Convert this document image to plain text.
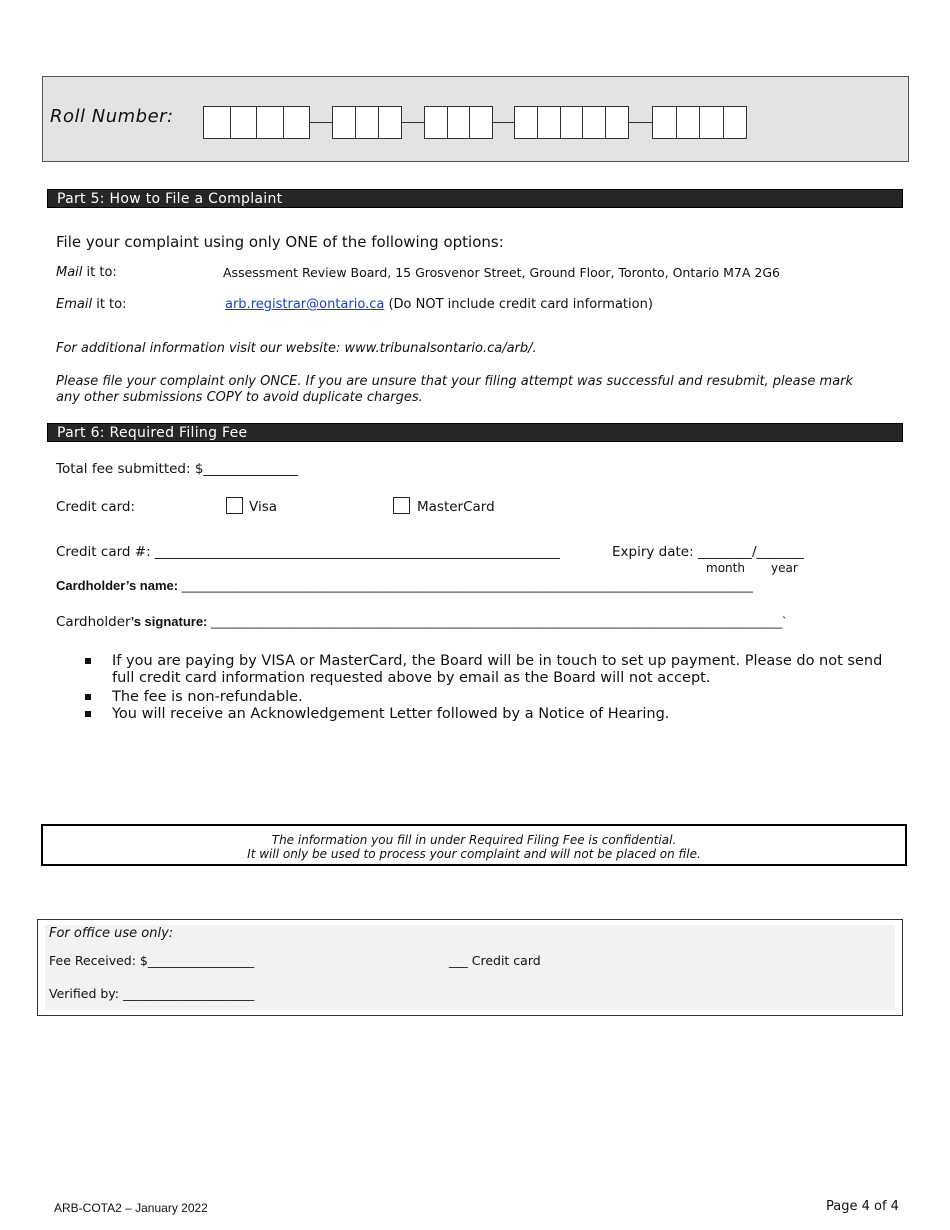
Roll Number:
Part 5: How to File a Complaint
File your complaint using only ONE of the following options:
Mail it to:	Assessment Review Board, 15 Grosvenor Street, Ground Floor, Toronto, Ontario M7A 2G6
Email it to:	arb.registrar@ontario.ca (Do NOT include credit card information)
For additional information visit our website: www.tribunalsontario.ca/arb/.
Please file your complaint only ONCE. If you are unsure that your filing attempt was successful and resubmit, please mark
any other submissions COPY to avoid duplicate charges.
Part 6: Required Filing Fee
Total fee submitted: $______________
Credit card:	Visa	MasterCard
Credit card #: ____________________________________________________________	Expiry date: ________/_______
month year
Cardholder’s name: _______________________________________________________________________________
Cardholder’s signature: _______________________________________________________________________________`
If you are paying by VISA or MasterCard, the Board will be in touch to set up payment. Please do not send full credit card information requested above by email as the Board will not accept.
The fee is non-refundable.
You will receive an Acknowledgement Letter followed by a Notice of Hearing.
The information you fill in under Required Filing Fee is confidential.
It will only be used to process your complaint and will not be placed on file.
For office use only:
Fee Received: $_________________	___ Credit card
Verified by: _____________________
ARB-COTA2 – January 2022	Page 4 of 4
